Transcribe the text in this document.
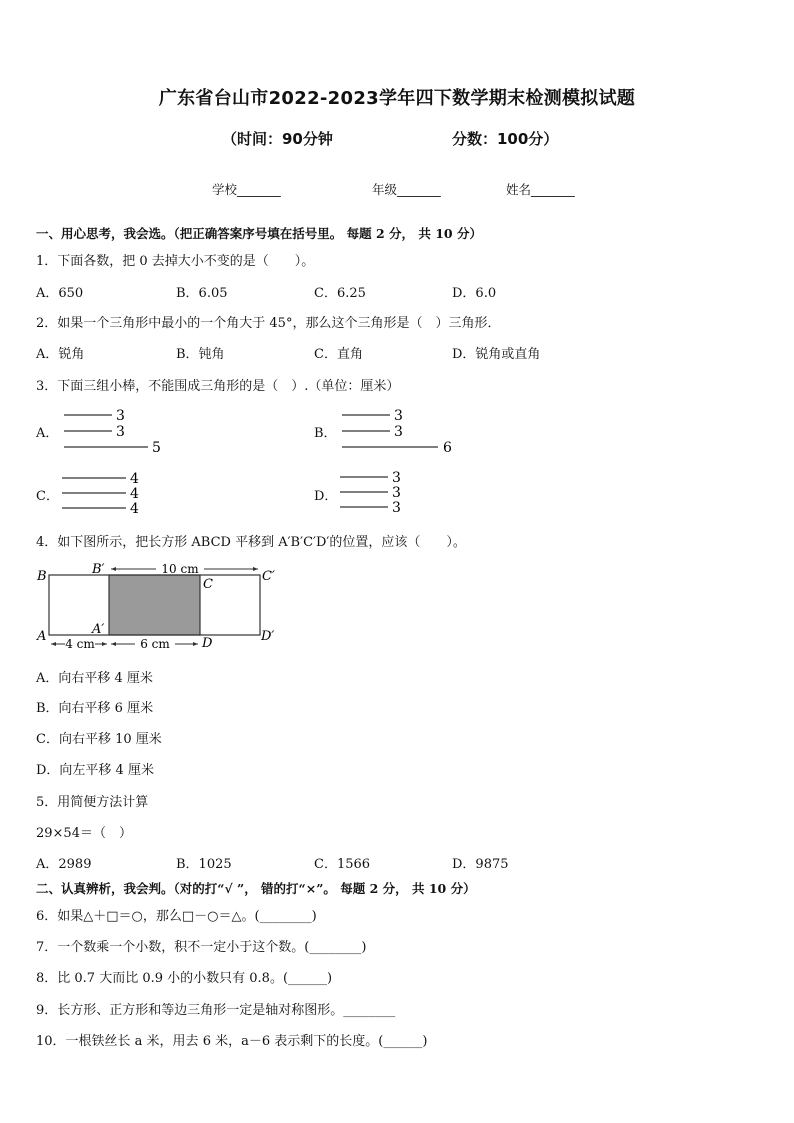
广东省台山市2022-2023学年四下数学期末检测模拟试题
（时间：90分钟	分数：100分）
学校_______	年级_______	姓名_______
一、用心思考，我会选。（把正确答案序号填在括号里。 每题 2 分， 共 10 分）
1．下面各数，把 0 去掉大小不变的是（　　）。
A．650	B．6.05	C．6.25	D．6.0
2．如果一个三角形中最小的一个角大于 45°，那么这个三角形是（　）三角形．
A．锐角	B．钝角	C．直角	D．锐角或直角
3．下面三组小棒，不能围成三角形的是（　）.（单位：厘米）
A．
3
3
5
B．
3
3
6
C．
4
4
4
D．
3
3
3
4．如下图所示，把长方形 ABCD 平移到 A′B′C′D′的位置，应该（　　）。
B	B′
C
C′
A	A′
D	D′
10 cm
4 cm	6 cm
A．向右平移 4 厘米
B．向右平移 6 厘米
C．向右平移 10 厘米
D．向左平移 4 厘米
5．用简便方法计算
29×54＝（　）
A．2989	B．1025	C．1566	D．9875
二、认真辨析，我会判。（对的打“√ ”， 错的打“×”。 每题 2 分， 共 10 分）
6．如果△＋□＝○，那么□－○＝△。(________)
7．一个数乘一个小数，积不一定小于这个数。(________)
8．比 0.7 大而比 0.9 小的小数只有 0.8。(______)
9．长方形、正方形和等边三角形一定是轴对称图形。________
10．一根铁丝长 a 米，用去 6 米，a－6 表示剩下的长度。(______)
